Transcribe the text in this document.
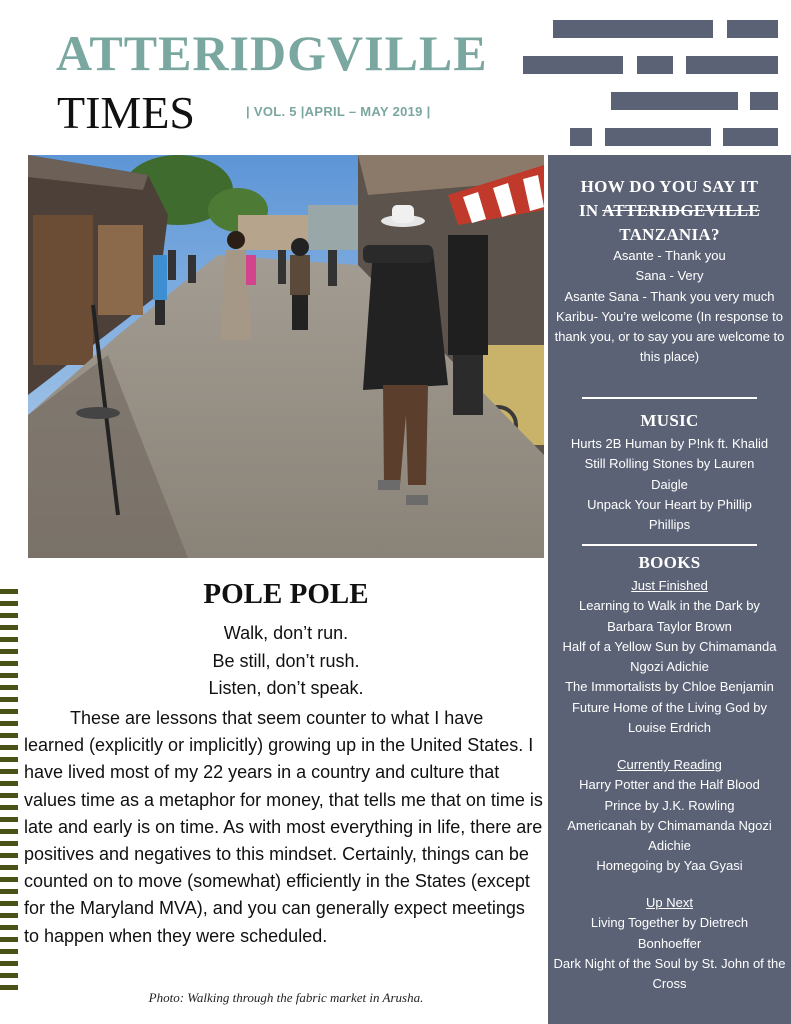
ATTERIDGVILLE
TIMES	| VOL. 5 |APRIL – MAY 2019 |
POLE POLE
Walk, don’t run.
Be still, don’t rush.
Listen, don’t speak.

These are lessons that seem counter to what I have learned (explicitly or implicitly) growing up in the United States. I have lived most of my 22 years in a country and culture that values time as a metaphor for money, that tells me that on time is late and early is on time. As with most everything in life, there are positives and negatives to this mindset. Certainly, things can be counted on to move (somewhat) efficiently in the States (except for the Maryland MVA), and you can generally expect meetings to happen when they were scheduled.

Photo: Walking through the fabric market in Arusha.
HOW DO YOU SAY IT
IN ATTERIDGEVILLE
TANZANIA?
Asante - Thank you
Sana - Very
Asante Sana - Thank you very much
Karibu- You’re welcome (In response to thank you, or to say you are welcome to this place)
MUSIC
Hurts 2B Human by P!nk ft. Khalid
Still Rolling Stones by Lauren Daigle
Unpack Your Heart by Phillip Phillips
BOOKS
Just Finished
Learning to Walk in the Dark by Barbara Taylor Brown
Half of a Yellow Sun by Chimamanda Ngozi Adichie
The Immortalists by Chloe Benjamin
Future Home of the Living God by Louise Erdrich
Currently Reading
Harry Potter and the Half Blood Prince by J.K. Rowling
Americanah by Chimamanda Ngozi Adichie
Homegoing by Yaa Gyasi
Up Next
Living Together by Dietrech Bonhoeffer
Dark Night of the Soul by St. John of the Cross
